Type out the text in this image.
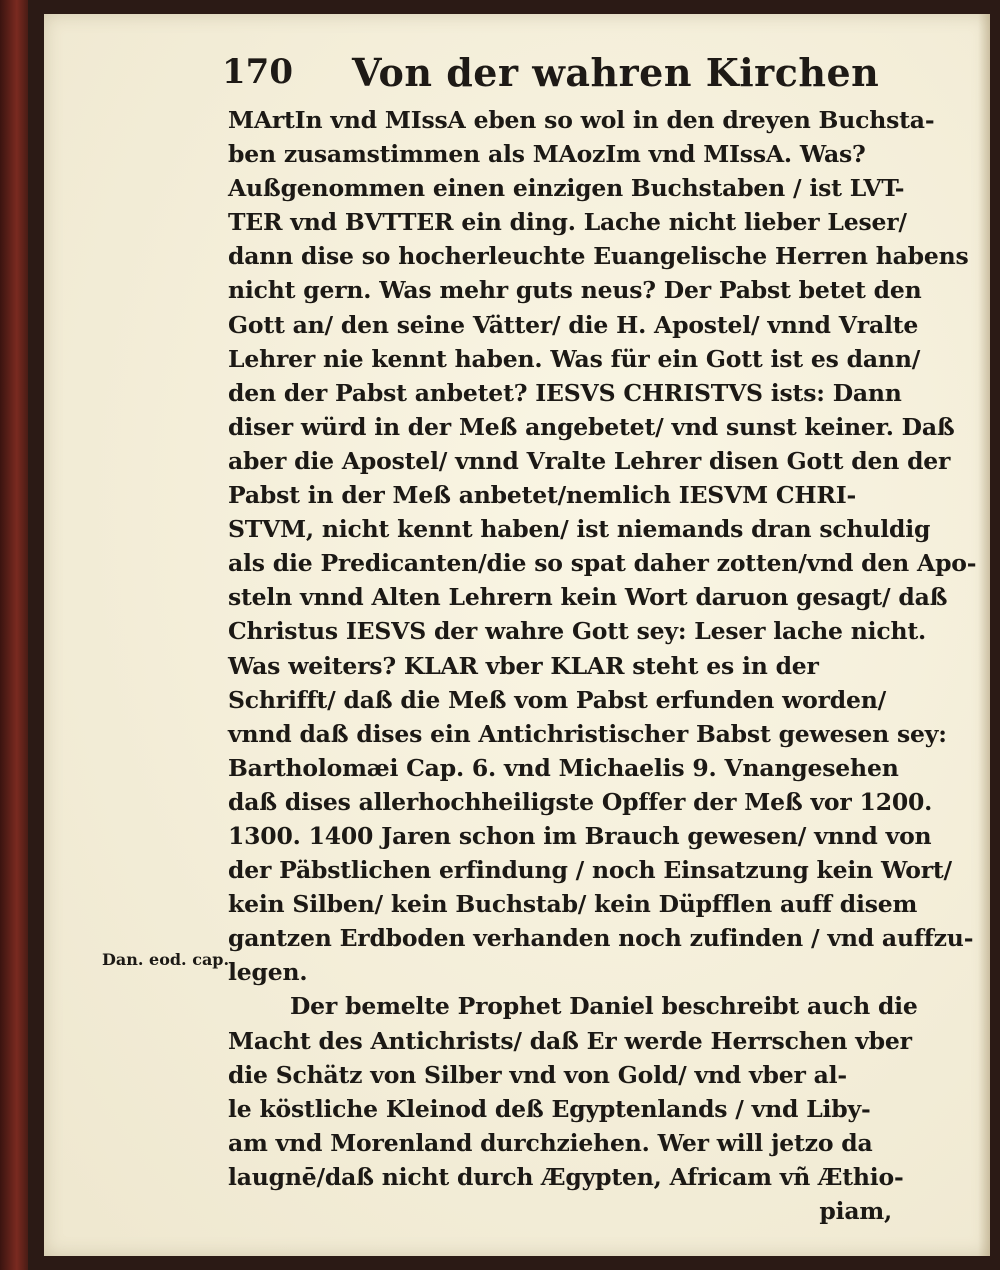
170 Von der wahren Kirchen
Dan. eod. cap.
MArtIn vnd MIssA eben so wol in den dreyen Buchsta-
ben zusamstimmen als MAozIm vnd MIssA. Was?
Außgenommen einen einzigen Buchstaben / ist LVT-
TER vnd BVTTER ein ding. Lache nicht lieber Leser/
dann dise so hocherleuchte Euangelische Herren habens
nicht gern. Was mehr guts neus? Der Pabst betet den
Gott an/ den seine Vätter/ die H. Apostel/ vnnd Vralte
Lehrer nie kennt haben. Was für ein Gott ist es dann/
den der Pabst anbetet? IESVS CHRISTVS ists: Dann
diser würd in der Meß angebetet/ vnd sunst keiner. Daß
aber die Apostel/ vnnd Vralte Lehrer disen Gott den der
Pabst in der Meß anbetet/nemlich IESVM CHRI-
STVM, nicht kennt haben/ ist niemands dran schuldig
als die Predicanten/die so spat daher zotten/vnd den Apo-
steln vnnd Alten Lehrern kein Wort daruon gesagt/ daß
Christus IESVS der wahre Gott sey: Leser lache nicht.
Was weiters? KLAR vber KLAR steht es in der
Schrifft/ daß die Meß vom Pabst erfunden worden/
vnnd daß dises ein Antichristischer Babst gewesen sey:
Bartholomæi Cap. 6. vnd Michaelis 9. Vnangesehen
daß dises allerhochheiligste Opffer der Meß vor 1200.
1300. 1400 Jaren schon im Brauch gewesen/ vnnd von
der Päbstlichen erfindung / noch Einsatzung kein Wort/
kein Silben/ kein Buchstab/ kein Düpfflen auff disem
gantzen Erdboden verhanden noch zufinden / vnd auffzu-
legen.
Der bemelte Prophet Daniel beschreibt auch die
Macht des Antichrists/ daß Er werde Herrschen vber
die Schätz von Silber vnd von Gold/ vnd vber al-
le köstliche Kleinod deß Egyptenlands / vnd Liby-
am vnd Morenland durchziehen. Wer will jetzo da
laugnē/daß nicht durch Ægypten, Africam vñ Æthio-
piam,
